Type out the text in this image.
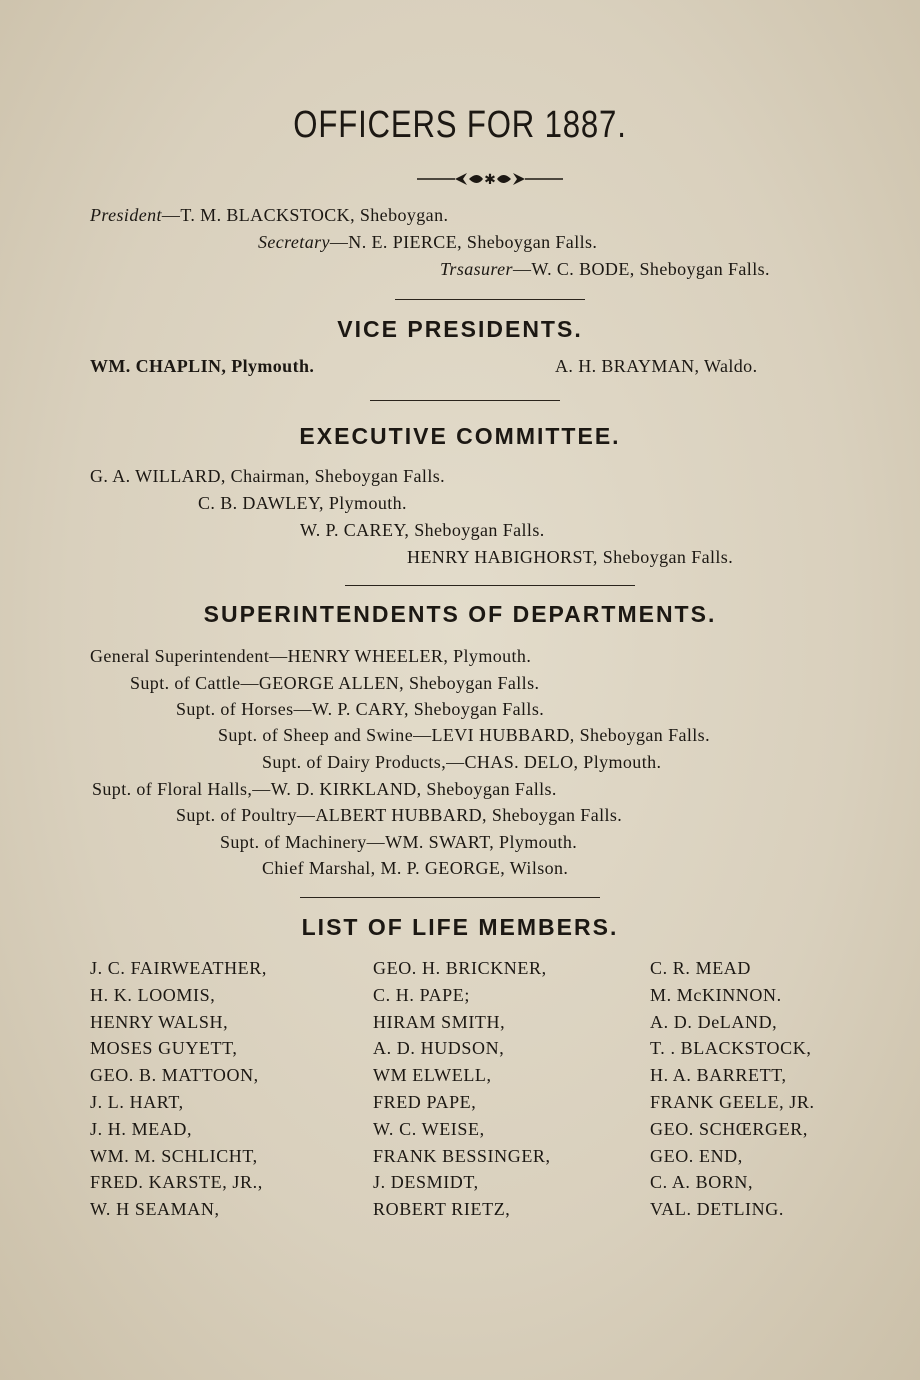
OFFICERS FOR 1887.
✱
President—T. M. BLACKSTOCK, Sheboygan.
Secretary—N. E. PIERCE, Sheboygan Falls.
Trsasurer—W. C. BODE, Sheboygan Falls.
VICE PRESIDENTS.
WM. CHAPLIN, Plymouth.	A. H. BRAYMAN, Waldo.
EXECUTIVE COMMITTEE.
G. A. WILLARD, Chairman, Sheboygan Falls.
C. B. DAWLEY, Plymouth.
W. P. CAREY, Sheboygan Falls.
HENRY HABIGHORST, Sheboygan Falls.
SUPERINTENDENTS OF DEPARTMENTS.
General Superintendent—HENRY WHEELER, Plymouth.
Supt. of Cattle—GEORGE ALLEN, Sheboygan Falls.
Supt. of Horses—W. P. CARY, Sheboygan Falls.
Supt. of Sheep and Swine—LEVI HUBBARD, Sheboygan Falls.
Supt. of Dairy Products,—CHAS. DELO, Plymouth.
Supt. of Floral Halls,—W. D. KIRKLAND, Sheboygan Falls.
Supt. of Poultry—ALBERT HUBBARD, Sheboygan Falls.
Supt. of Machinery—WM. SWART, Plymouth.
Chief Marshal, M. P. GEORGE, Wilson.
LIST OF LIFE MEMBERS.
J. C. FAIRWEATHER,
H. K. LOOMIS,
HENRY WALSH,
MOSES GUYETT,
GEO. B. MATTOON,
J. L. HART,
J. H. MEAD,
WM. M. SCHLICHT,
FRED. KARSTE, JR.,
W. H SEAMAN,
GEO. H. BRICKNER,
C. H. PAPE;
HIRAM SMITH,
A. D. HUDSON,
WM ELWELL,
FRED PAPE,
W. C. WEISE,
FRANK BESSINGER,
J. DESMIDT,
ROBERT RIETZ,
C. R. MEAD
M. McKINNON.
A. D. DeLAND,
T. . BLACKSTOCK,
H. A. BARRETT,
FRANK GEELE, JR.
GEO. SCHŒRGER,
GEO. END,
C. A. BORN,
VAL. DETLING.
